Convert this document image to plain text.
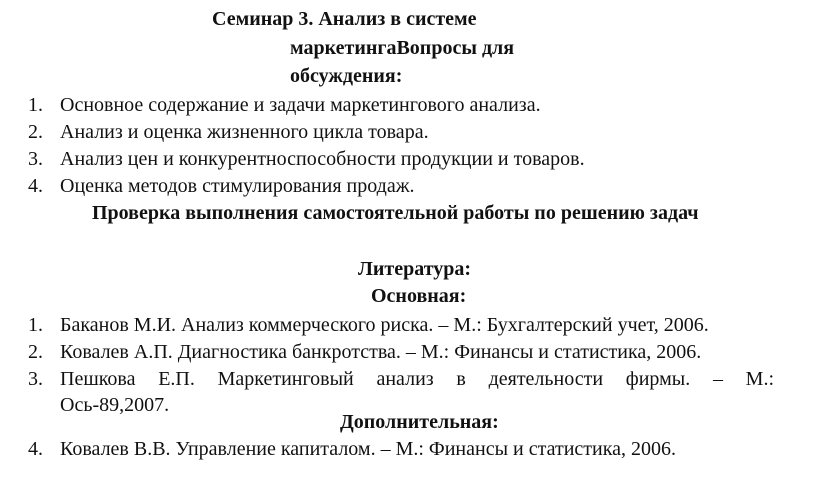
Семинар 3. Анализ в системе
маркетингаВопросы для
обсуждения:
1. Основное содержание и задачи маркетингового анализа.
2. Анализ и оценка жизненного цикла товара.
3. Анализ цен и конкурентноспособности продукции и товаров.
4. Оценка методов стимулирования продаж.
Проверка выполнения самостоятельной работы по решению задач
Литература:
Основная:
1. Баканов М.И. Анализ коммерческого риска. – М.: Бухгалтерский учет, 2006.
2. Ковалев А.П. Диагностика банкротства. – М.: Финансы и статистика, 2006.
3. Пешкова Е.П. Маркетинговый анализ в деятельности фирмы. – М.:
Ось-89,2007.
Дополнительная:
4. Ковалев В.В. Управление капиталом. – М.: Финансы и статистика, 2006.
